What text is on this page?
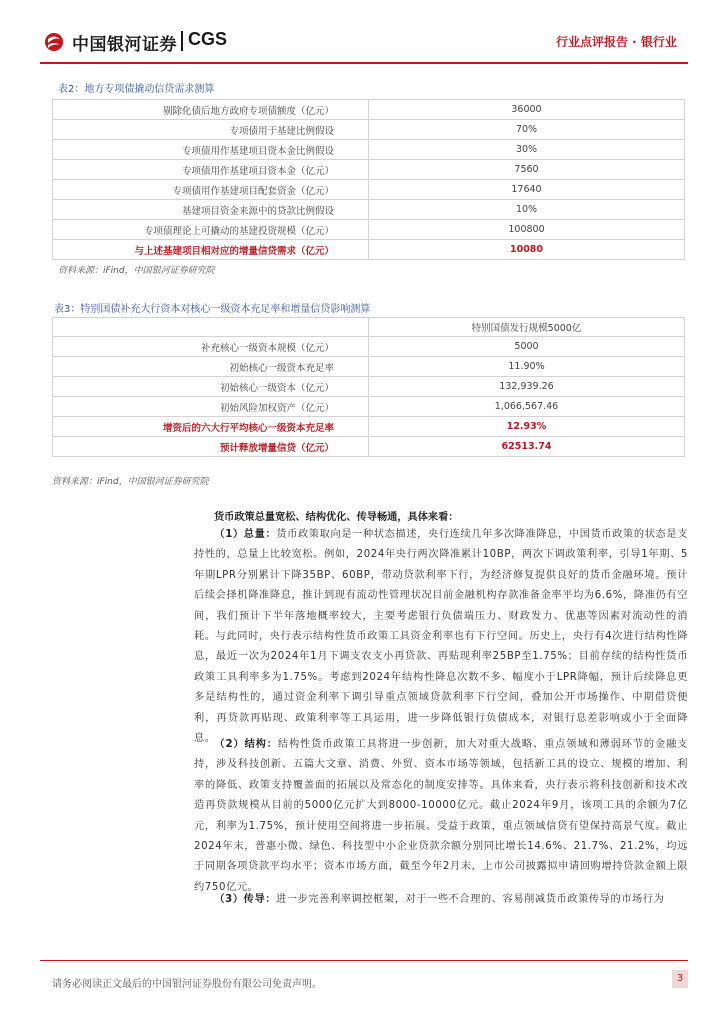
中国银河证券 CGS	行业点评报告 · 银行业
表2：地方专项债撬动信贷需求测算
剔除化债后地方政府专项债额度（亿元）	36000
专项债用于基建比例假设	70%
专项债用作基建项目资本金比例假设	30%
专项债用作基建项目资本金（亿元）	7560
专项债用作基建项目配套资金（亿元）	17640
基建项目资金来源中的贷款比例假设	10%
专项债理论上可撬动的基建投资规模（亿元）	100800
与上述基建项目相对应的增量信贷需求（亿元）	10080
资料来源：iFind，中国银河证券研究院
表3：特别国债补充大行资本对核心一级资本充足率和增量信贷影响测算
	特别国债发行规模5000亿
补充核心一级资本规模（亿元）	5000
初始核心一级资本充足率	11.90%
初始核心一级资本（亿元）	132,939.26
初始风险加权资产（亿元）	1,066,567.46
增资后的六大行平均核心一级资本充足率	12.93%
预计释放增量信贷（亿元）	62513.74
资料来源：iFind，中国银河证券研究院
货币政策总量宽松、结构优化、传导畅通，具体来看：
（1）总量：货币政策取向是一种状态描述，央行连续几年多次降准降息，中国货币政策的状态是支持性的，总量上比较宽松。例如，2024年央行两次降准累计10BP，两次下调政策利率，引导1年期、5年期LPR分别累计下降35BP、60BP，带动贷款利率下行，为经济修复提供良好的货币金融环境。预计后续会择机降准降息，推计到现有流动性管理状况目前金融机构存款准备金率平均为6.6%，降准仍有空间，我们预计下半年落地概率较大，主要考虑银行负债端压力、财政发力、优惠等因素对流动性的消耗。与此同时，央行表示结构性货币政策工具资金利率也有下行空间。历史上，央行有4次进行结构性降息，最近一次为2024年1月下调支农支小再贷款、再贴现利率25BP至1.75%；目前存续的结构性货币政策工具利率多为1.75%。考虑到2024年结构性降息次数不多、幅度小于LPR降幅，预计后续降息更多是结构性的，通过资金利率下调引导重点领域贷款利率下行空间，叠加公开市场操作、中期借贷便利，再贷款再贴现、政策利率等工具运用，进一步降低银行负债成本，对银行息差影响或小于全面降息。
（2）结构：结构性货币政策工具将进一步创新，加大对重大战略、重点领域和薄弱环节的金融支持，涉及科技创新、五篇大文章、消费、外贸、资本市场等领域，包括新工具的设立、规模的增加、利率的降低、政策支持覆盖面的拓展以及常态化的制度安排等。具体来看，央行表示将科技创新和技术改造再贷款规模从目前的5000亿元扩大到8000-10000亿元。截止2024年9月，该项工具的余额为7亿元，利率为1.75%，预计使用空间将进一步拓展。受益于政策，重点领域信贷有望保持高景气度。截止2024年末，普惠小微、绿色、科技型中小企业贷款余额分别同比增长14.6%、21.7%、21.2%，均远于同期各项贷款平均水平；资本市场方面，截至今年2月末，上市公司披露拟申请回购增持贷款金额上限约750亿元。
（3）传导：进一步完善利率调控框架，对于一些不合理的、容易削减货币政策传导的市场行为
请务必阅读正文最后的中国银河证券股份有限公司免责声明。
3
